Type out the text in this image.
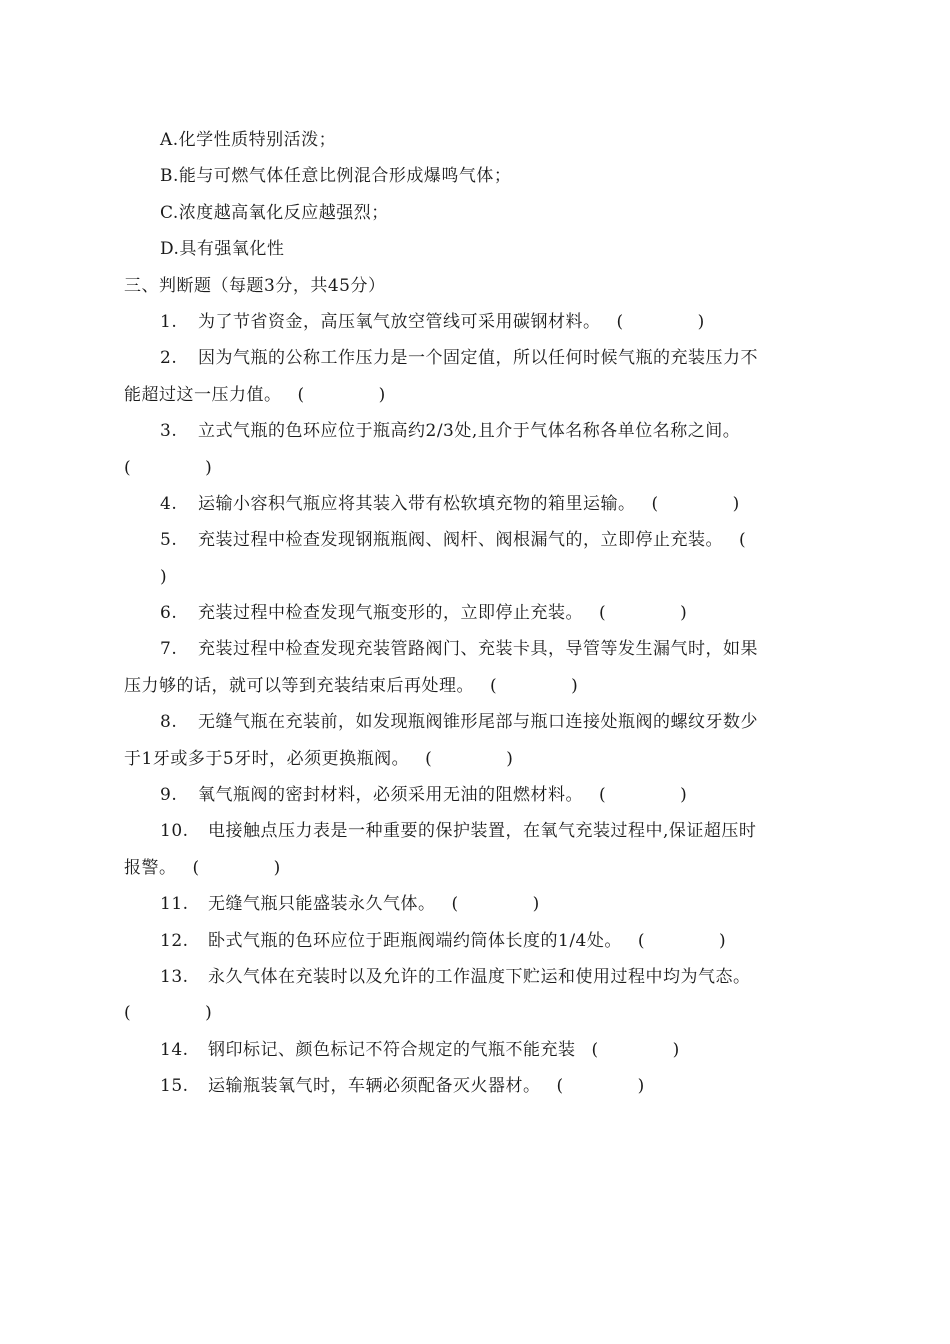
A.化学性质特别活泼；
B.能与可燃气体任意比例混合形成爆鸣气体；
C.浓度越高氧化反应越强烈；
D.具有强氧化性
三、判断题（每题3分，共45分）
1. 为了节省资金，高压氧气放空管线可采用碳钢材料。 (	)
2. 因为气瓶的公称工作压力是一个固定值，所以任何时候气瓶的充装压力不
能超过这一压力值。 (	)
3. 立式气瓶的色环应位于瓶高约2/3处,且介于气体名称各单位名称之间。
(	)
4. 运输小容积气瓶应将其装入带有松软填充物的箱里运输。 (	)
5. 充装过程中检查发现钢瓶瓶阀、阀杆、阀根漏气的，立即停止充装。 (
)
6. 充装过程中检查发现气瓶变形的，立即停止充装。 (	)
7. 充装过程中检查发现充装管路阀门、充装卡具，导管等发生漏气时，如果
压力够的话，就可以等到充装结束后再处理。 (	)
8. 无缝气瓶在充装前，如发现瓶阀锥形尾部与瓶口连接处瓶阀的螺纹牙数少
于1牙或多于5牙时，必须更换瓶阀。 (	)
9. 氧气瓶阀的密封材料，必须采用无油的阻燃材料。 (	)
10. 电接触点压力表是一种重要的保护装置，在氧气充装过程中,保证超压时
报警。 (	)
11. 无缝气瓶只能盛装永久气体。 (	)
12. 卧式气瓶的色环应位于距瓶阀端约筒体长度的1/4处。 (	)
13. 永久气体在充装时以及允许的工作温度下贮运和使用过程中均为气态。
(	)
14. 钢印标记、颜色标记不符合规定的气瓶不能充装 (	)
15. 运输瓶装氧气时，车辆必须配备灭火器材。 (	)
